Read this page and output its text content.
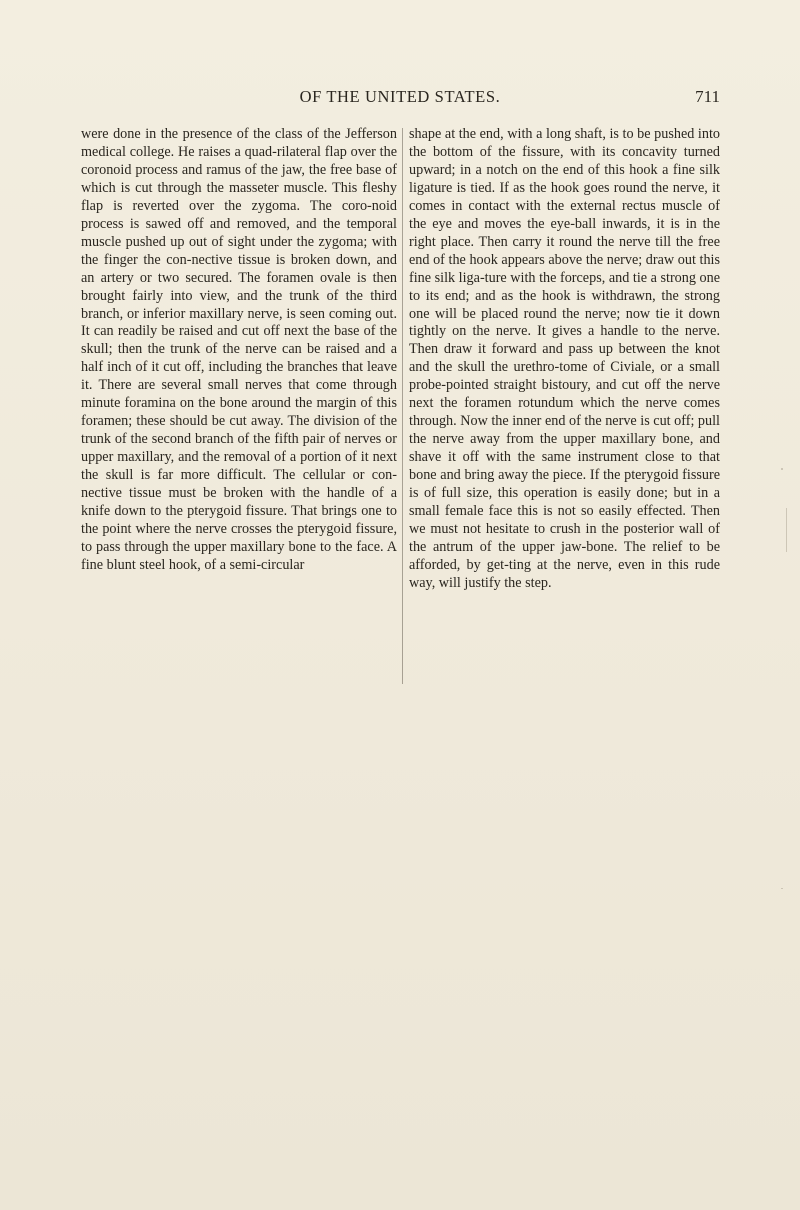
OF THE UNITED STATES.	711

were done in the presence of the class of the Jefferson medical college. He raises a quad-rilateral flap over the coronoid process and ramus of the jaw, the free base of which is cut through the masseter muscle. This fleshy flap is reverted over the zygoma. The coro-noid process is sawed off and removed, and the temporal muscle pushed up out of sight under the zygoma; with the finger the con-nective tissue is broken down, and an artery or two secured. The foramen ovale is then brought fairly into view, and the trunk of the third branch, or inferior maxillary nerve, is seen coming out. It can readily be raised and cut off next the base of the skull; then the trunk of the nerve can be raised and a half inch of it cut off, including the branches that leave it. There are several small nerves that come through minute foramina on the bone around the margin of this foramen; these should be cut away. The division of the trunk of the second branch of the fifth pair of nerves or upper maxillary, and the removal of a portion of it next the skull is far more difficult. The cellular or con-nective tissue must be broken with the handle of a knife down to the pterygoid fissure. That brings one to the point where the nerve crosses the pterygoid fissure, to pass through the upper maxillary bone to the face. A fine blunt steel hook, of a semi-circular

shape at the end, with a long shaft, is to be pushed into the bottom of the fissure, with its concavity turned upward; in a notch on the end of this hook a fine silk ligature is tied. If as the hook goes round the nerve, it comes in contact with the external rectus muscle of the eye and moves the eye-ball inwards, it is in the right place. Then carry it round the nerve till the free end of the hook appears above the nerve; draw out this fine silk liga-ture with the forceps, and tie a strong one to its end; and as the hook is withdrawn, the strong one will be placed round the nerve; now tie it down tightly on the nerve. It gives a handle to the nerve. Then draw it forward and pass up between the knot and the skull the urethro-tome of Civiale, or a small probe-pointed straight bistoury, and cut off the nerve next the foramen rotundum which the nerve comes through. Now the inner end of the nerve is cut off; pull the nerve away from the upper maxillary bone, and shave it off with the same instrument close to that bone and bring away the piece. If the pterygoid fissure is of full size, this operation is easily done; but in a small female face this is not so easily effected. Then we must not hesitate to crush in the posterior wall of the antrum of the upper jaw-bone. The relief to be afforded, by get-ting at the nerve, even in this rude way, will justify the step.
